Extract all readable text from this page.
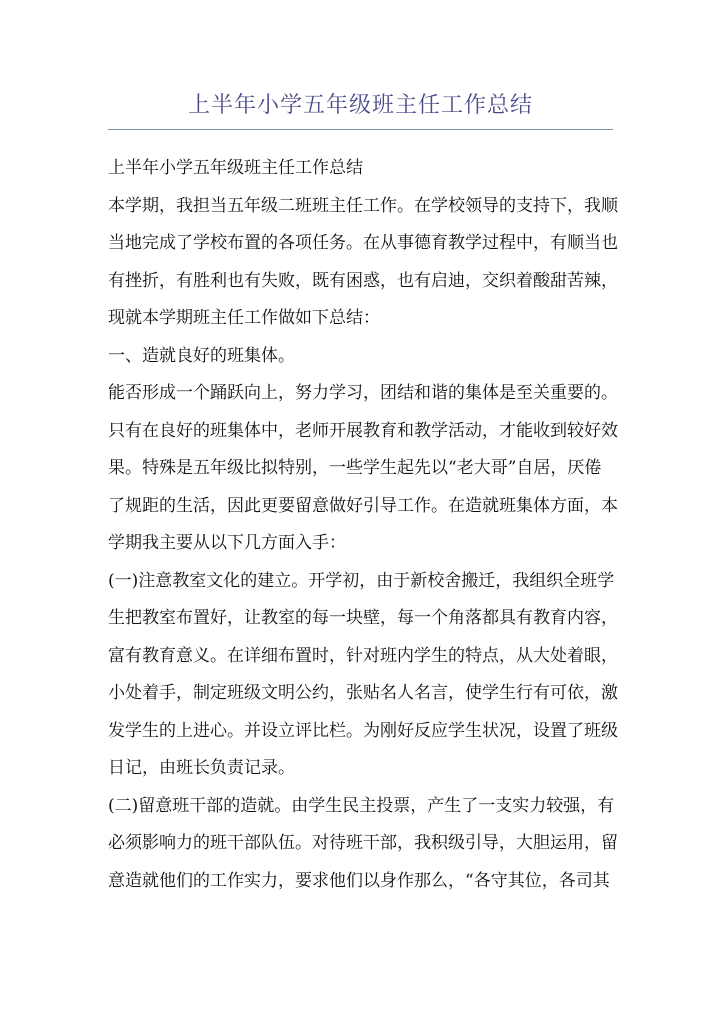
上半年小学五年级班主任工作总结
上半年小学五年级班主任工作总结
本学期，我担当五年级二班班主任工作。在学校领导的支持下，我顺
当地完成了学校布置的各项任务。在从事德育教学过程中，有顺当也
有挫折，有胜利也有失败，既有困惑，也有启迪，交织着酸甜苦辣，
现就本学期班主任工作做如下总结：
一、造就良好的班集体。
能否形成一个踊跃向上，努力学习，团结和谐的集体是至关重要的。
只有在良好的班集体中，老师开展教育和教学活动，才能收到较好效
果。特殊是五年级比拟特别，一些学生起先以“老大哥”自居，厌倦
了规距的生活，因此更要留意做好引导工作。在造就班集体方面，本
学期我主要从以下几方面入手：
(一)注意教室文化的建立。开学初，由于新校舍搬迁，我组织全班学
生把教室布置好，让教室的每一块壁，每一个角落都具有教育内容，
富有教育意义。在详细布置时，针对班内学生的特点，从大处着眼，
小处着手，制定班级文明公约，张贴名人名言，使学生行有可依，激
发学生的上进心。并设立评比栏。为刚好反应学生状况，设置了班级
日记，由班长负责记录。
(二)留意班干部的造就。由学生民主投票，产生了一支实力较强，有
必须影响力的班干部队伍。对待班干部，我积级引导，大胆运用，留
意造就他们的工作实力，要求他们以身作那么，“各守其位，各司其
